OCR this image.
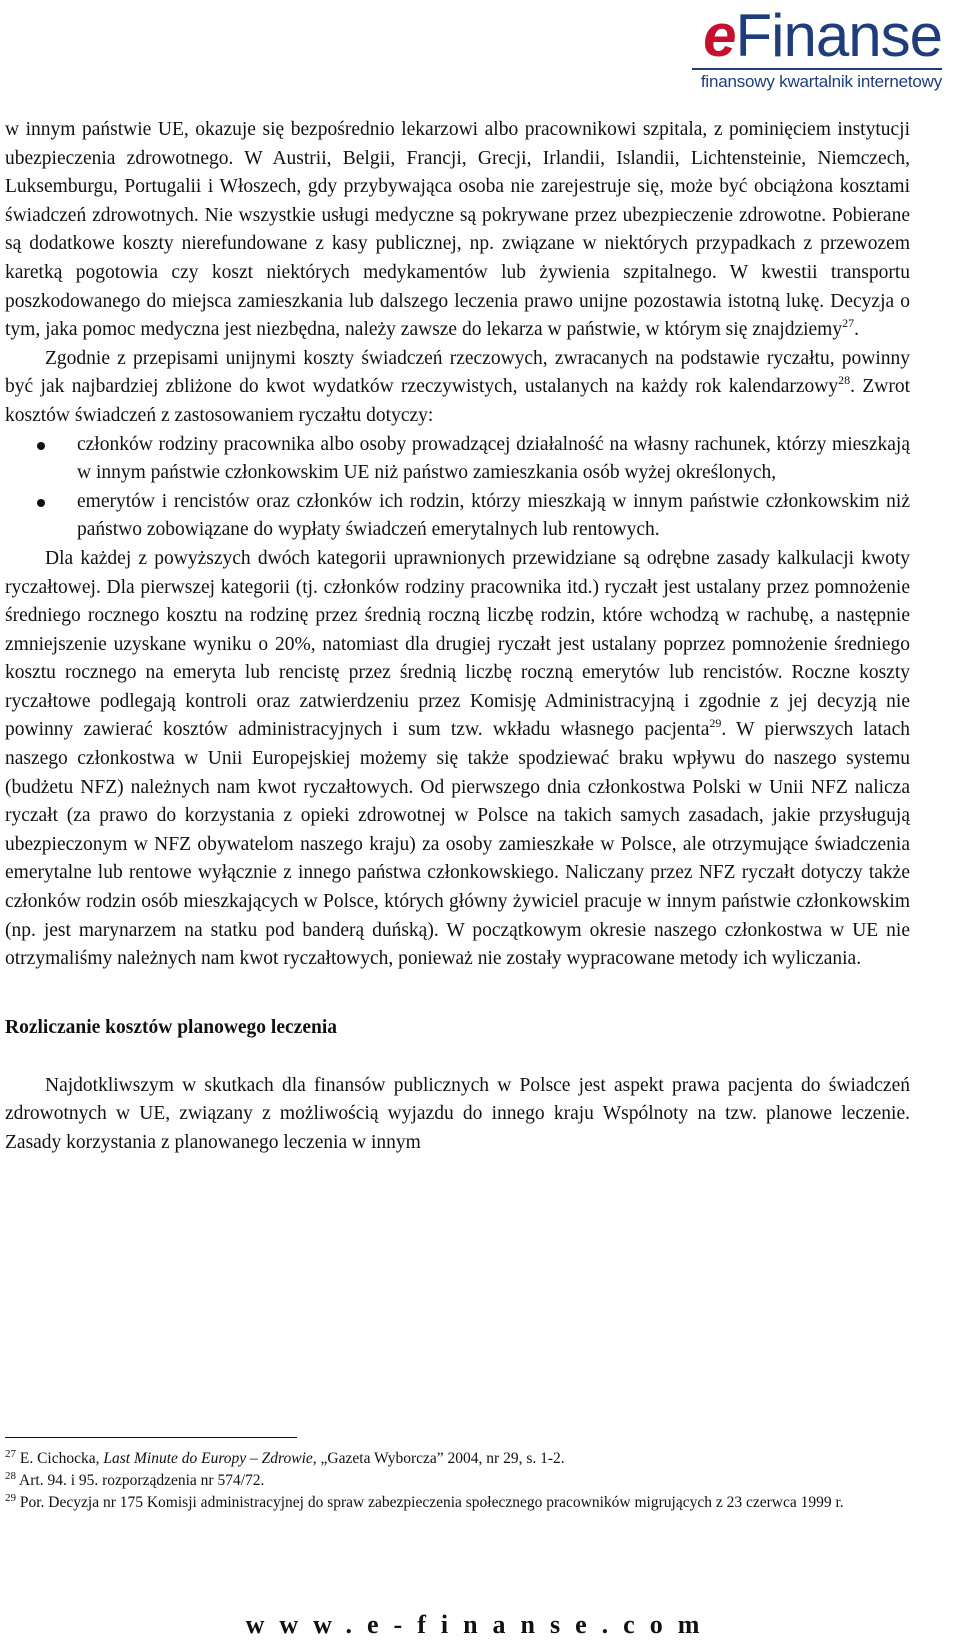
eFinanse
finansowy kwartalnik internetowy

w innym państwie UE, okazuje się bezpośrednio lekarzowi albo pracownikowi szpitala, z pominięciem instytucji ubezpieczenia zdrowotnego. W Austrii, Belgii, Francji, Grecji, Irlandii, Islandii, Lichtensteinie, Niemczech, Luksemburgu, Portugalii i Włoszech, gdy przybywająca osoba nie zarejestruje się, może być obciążona kosztami świadczeń zdrowotnych. Nie wszystkie usługi medyczne są pokrywane przez ubezpieczenie zdrowotne. Pobierane są dodatkowe koszty nierefundowane z kasy publicznej, np. związane w niektórych przypadkach z przewozem karetką pogotowia czy koszt niektórych medykamentów lub żywienia szpitalnego. W kwestii transportu poszkodowanego do miejsca zamieszkania lub dalszego leczenia prawo unijne pozostawia istotną lukę. Decyzja o tym, jaka pomoc medyczna jest niezbędna, należy zawsze do lekarza w państwie, w którym się znajdziemy$^{27}$.

Zgodnie z przepisami unijnymi koszty świadczeń rzeczowych, zwracanych na podstawie ryczałtu, powinny być jak najbardziej zbliżone do kwot wydatków rzeczywistych, ustalanych na każdy rok kalendarzowy$^{28}$. Zwrot kosztów świadczeń z zastosowaniem ryczałtu dotyczy:

członków rodziny pracownika albo osoby prowadzącej działalność na własny rachunek, którzy mieszkają w innym państwie członkowskim UE niż państwo zamieszkania osób wyżej określonych,
emerytów i rencistów oraz członków ich rodzin, którzy mieszkają w innym państwie członkowskim niż państwo zobowiązane do wypłaty świadczeń emerytalnych lub rentowych.

Dla każdej z powyższych dwóch kategorii uprawnionych przewidziane są odrębne zasady kalkulacji kwoty ryczałtowej. Dla pierwszej kategorii (tj. członków rodziny pracownika itd.) ryczałt jest ustalany przez pomnożenie średniego rocznego kosztu na rodzinę przez średnią roczną liczbę rodzin, które wchodzą w rachubę, a następnie zmniejszenie uzyskane wyniku o 20%, natomiast dla drugiej ryczałt jest ustalany poprzez pomnożenie średniego kosztu rocznego na emeryta lub rencistę przez średnią liczbę roczną emerytów lub rencistów. Roczne koszty ryczałtowe podlegają kontroli oraz zatwierdzeniu przez Komisję Administracyjną i zgodnie z jej decyzją nie powinny zawierać kosztów administracyjnych i sum tzw. wkładu własnego pacjenta$^{29}$. W pierwszych latach naszego członkostwa w Unii Europejskiej możemy się także spodziewać braku wpływu do naszego systemu (budżetu NFZ) należnych nam kwot ryczałtowych. Od pierwszego dnia członkostwa Polski w Unii NFZ nalicza ryczałt (za prawo do korzystania z opieki zdrowotnej w Polsce na takich samych zasadach, jakie przysługują ubezpieczonym w NFZ obywatelom naszego kraju) za osoby zamieszkałe w Polsce, ale otrzymujące świadczenia emerytalne lub rentowe wyłącznie z innego państwa członkowskiego. Naliczany przez NFZ ryczałt dotyczy także członków rodzin osób mieszkających w Polsce, których główny żywiciel pracuje w innym państwie członkowskim (np. jest marynarzem na statku pod banderą duńską). W początkowym okresie naszego członkostwa w UE nie otrzymaliśmy należnych nam kwot ryczałtowych, ponieważ nie zostały wypracowane metody ich wyliczania.

Rozliczanie kosztów planowego leczenia

Najdotkliwszym w skutkach dla finansów publicznych w Polsce jest aspekt prawa pacjenta do świadczeń zdrowotnych w UE, związany z możliwością wyjazdu do innego kraju Wspólnoty na tzw. planowe leczenie. Zasady korzystania z planowanego leczenia w innym

$^{27}$ E. Cichocka, Last Minute do Europy – Zdrowie, „Gazeta Wyborcza” 2004, nr 29, s. 1-2.

$^{28}$ Art. 94. i 95. rozporządzenia nr 574/72.

$^{29}$ Por. Decyzja nr 175 Komisji administracyjnej do spraw zabezpieczenia społecznego pracowników migrujących z 23 czerwca 1999 r.

www.e-finanse.com
